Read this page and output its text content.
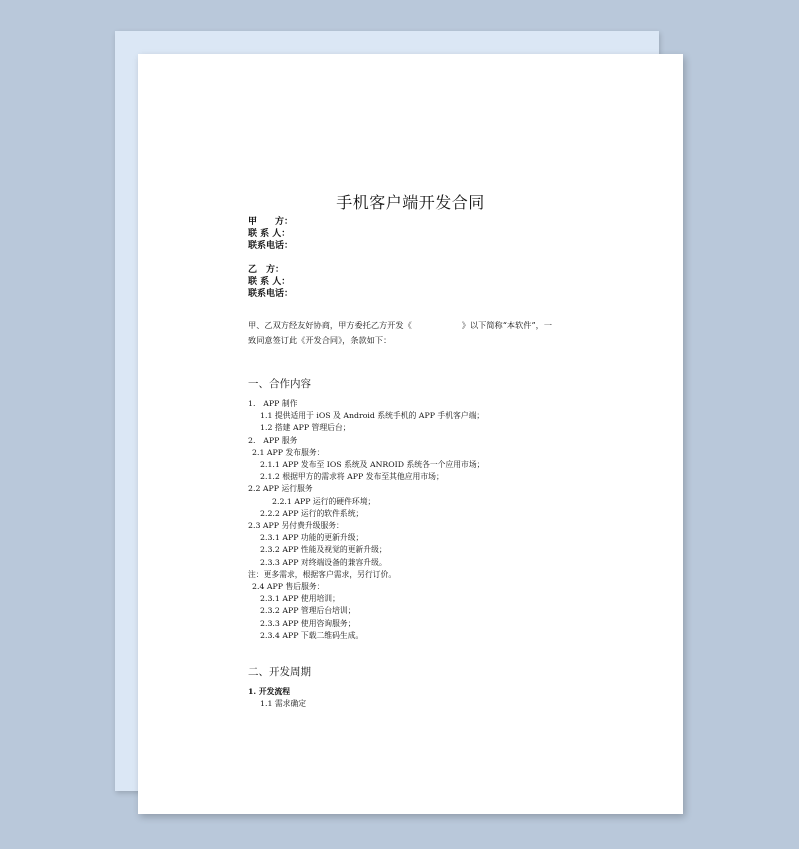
手机客户端开发合同
甲　　方：
联 系 人：
联系电话：
乙　方：
联 系 人：
联系电话：
甲、乙双方经友好协商，甲方委托乙方开发《	》以下简称“本软件”，一
致同意签订此《开发合同》，条款如下：
一、合作内容
1.　APP 制作
1.1 提供适用于 iOS 及 Android 系统手机的 APP 手机客户端；
1.2 搭建 APP 管理后台；
2.　APP 服务
2.1 APP 发布服务：
2.1.1 APP 发布至 IOS 系统及 ANROID 系统各一个应用市场；
2.1.2 根据甲方的需求将 APP 发布至其他应用市场；
2.2 APP 运行服务
2.2.1 APP 运行的硬件环境；
2.2.2 APP 运行的软件系统；
2.3 APP 另付费升级服务：
2.3.1 APP 功能的更新升级；
2.3.2 APP 性能及视觉的更新升级；
2.3.3 APP 对终端设备的兼容升级。
注：更多需求，根据客户需求，另行订价。
2.4 APP 售后服务：
2.3.1 APP 使用培训；
2.3.2 APP 管理后台培训；
2.3.3 APP 使用咨询服务；
2.3.4 APP 下载二维码生成。
二、开发周期
1. 开发流程
1.1 需求确定
